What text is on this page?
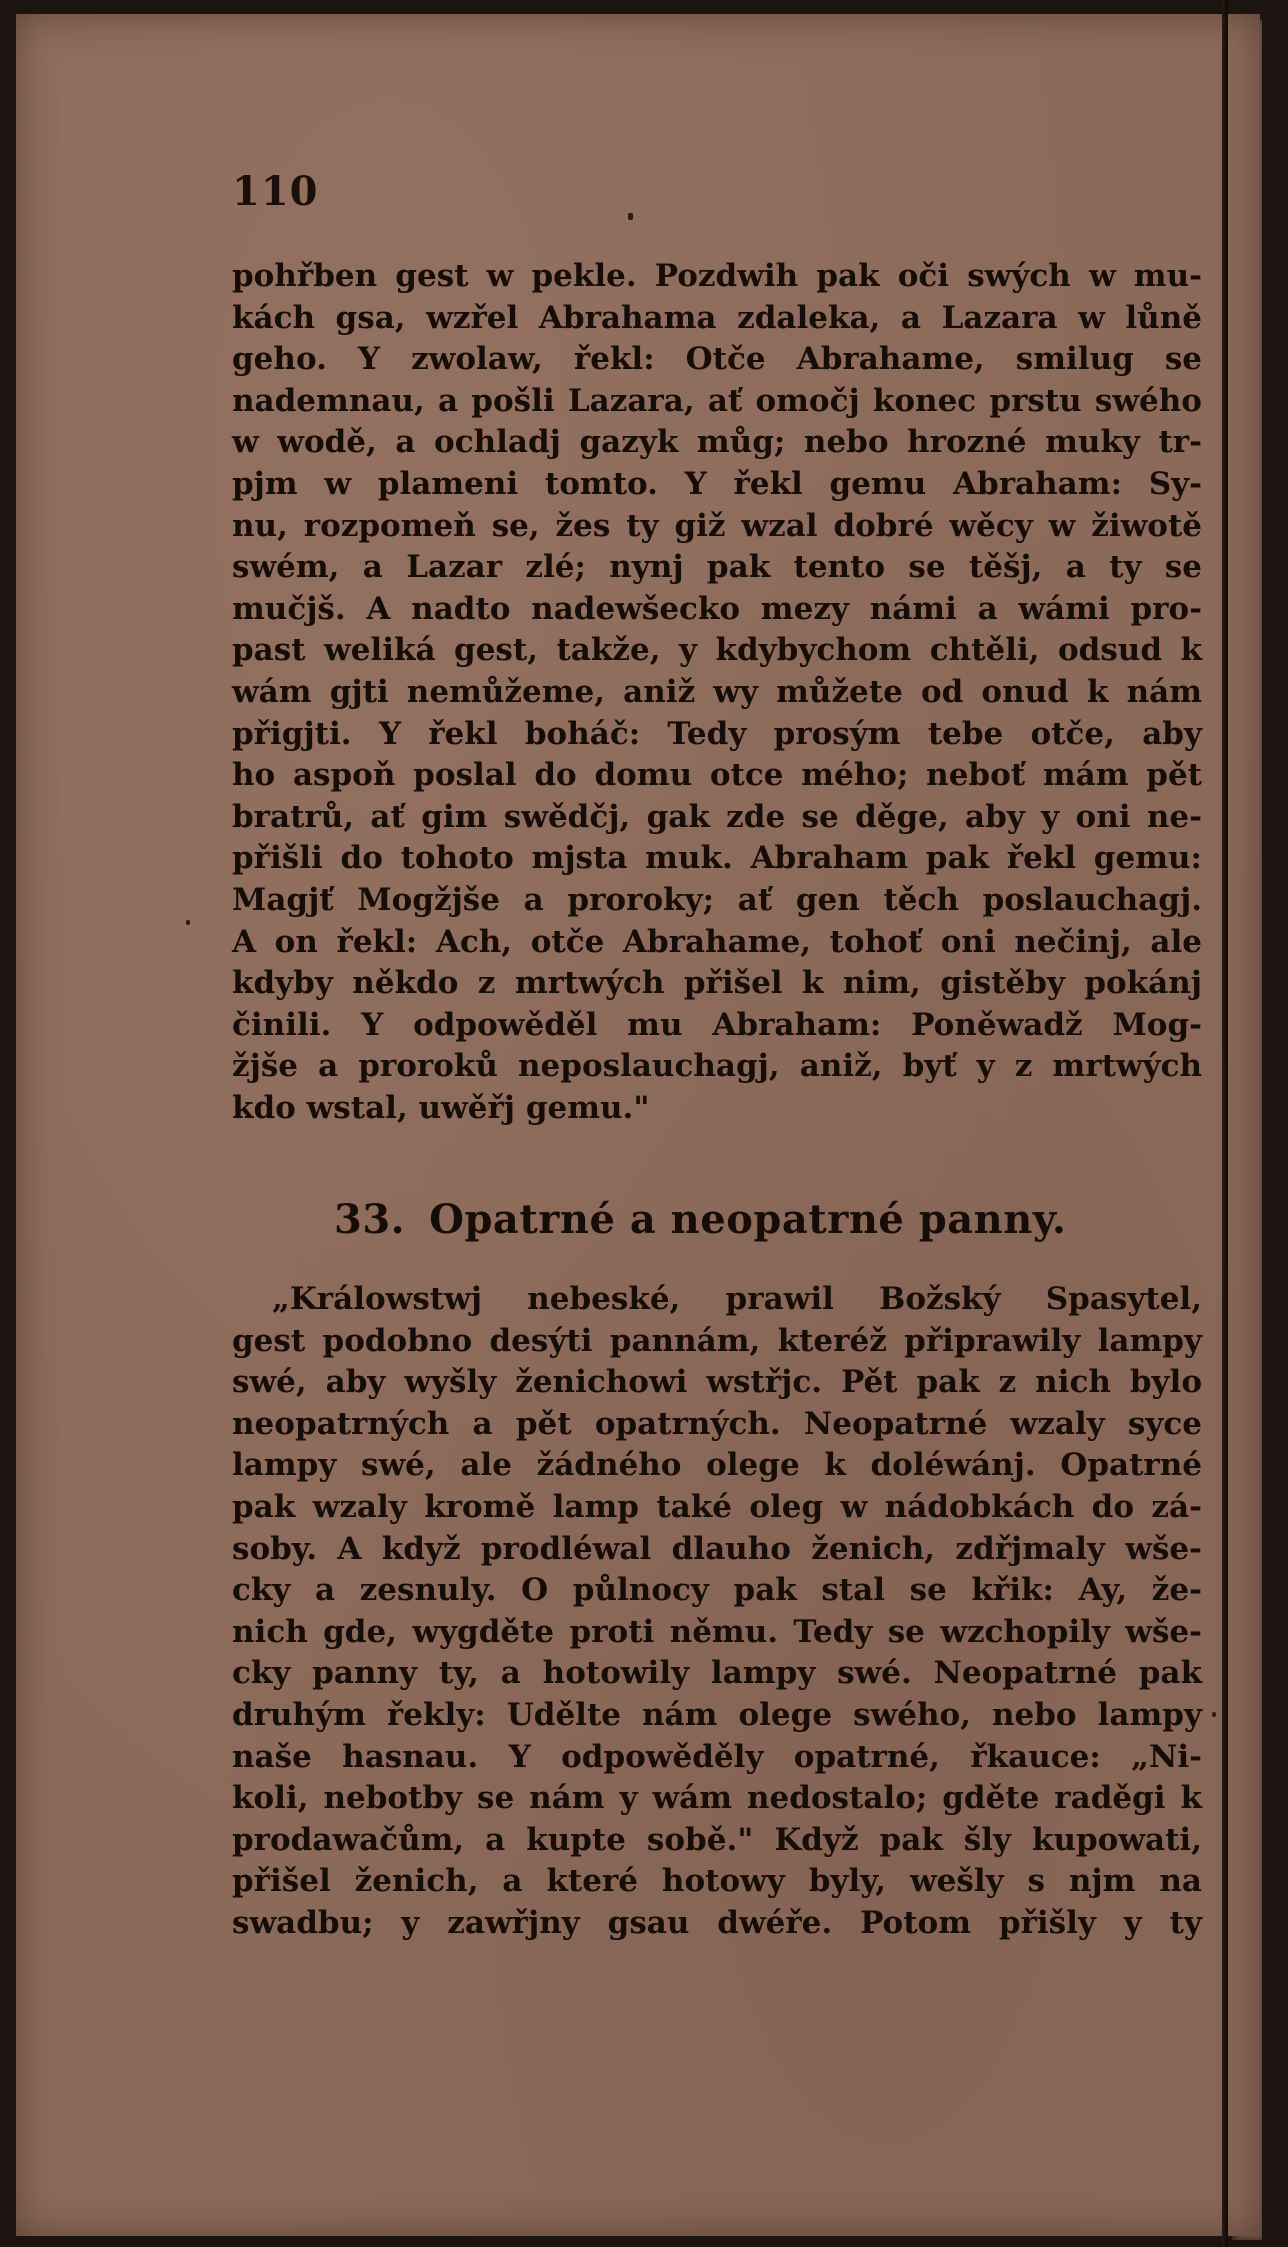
110
pohřben gest w pekle. Pozdwih pak oči swých w mu-
kách gsa, wzřel Abrahama zdaleka, a Lazara w lůně
geho. Y zwolaw, řekl: Otče Abrahame, smilug se
nademnau, a pošli Lazara, ať omočj konec prstu swého
w wodě, a ochladj gazyk můg; nebo hrozné muky tr-
pjm w plameni tomto. Y řekl gemu Abraham: Sy-
nu, rozpomeň se, žes ty giž wzal dobré wěcy w žiwotě
swém, a Lazar zlé; nynj pak tento se těšj, a ty se
mučjš. A nadto nadewšecko mezy námi a wámi pro-
past weliká gest, takže, y kdybychom chtěli, odsud k
wám gjti nemůžeme, aniž wy můžete od onud k nám
přigjti. Y řekl boháč: Tedy prosým tebe otče, aby
ho aspoň poslal do domu otce mého; neboť mám pět
bratrů, ať gim swědčj, gak zde se děge, aby y oni ne-
přišli do tohoto mjsta muk. Abraham pak řekl gemu:
Magjť Mogžjše a proroky; ať gen těch poslauchagj.
A on řekl: Ach, otče Abrahame, tohoť oni nečinj, ale
kdyby někdo z mrtwých přišel k nim, gistěby pokánj
činili. Y odpowěděl mu Abraham: Poněwadž Mog-
žjše a proroků neposlauchagj, aniž, byť y z mrtwých
kdo wstal, uwěřj gemu."
33. Opatrné a neopatrné panny.
„Králowstwj nebeské, prawil Božský Spasytel,
gest podobno desýti pannám, kteréž připrawily lampy
swé, aby wyšly ženichowi wstřjc. Pět pak z nich bylo
neopatrných a pět opatrných. Neopatrné wzaly syce
lampy swé, ale žádného olege k doléwánj. Opatrné
pak wzaly kromě lamp také oleg w nádobkách do zá-
soby. A když prodléwal dlauho ženich, zdřjmaly wše-
cky a zesnuly. O půlnocy pak stal se křik: Ay, že-
nich gde, wygděte proti němu. Tedy se wzchopily wše-
cky panny ty, a hotowily lampy swé. Neopatrné pak
druhým řekly: Udělte nám olege swého, nebo lampy
naše hasnau. Y odpowěděly opatrné, řkauce: „Ni-
koli, nebotby se nám y wám nedostalo; gděte raděgi k
prodawačům, a kupte sobě." Když pak šly kupowati,
přišel ženich, a které hotowy byly, wešly s njm na
swadbu; y zawřjny gsau dwéře. Potom přišly y ty
